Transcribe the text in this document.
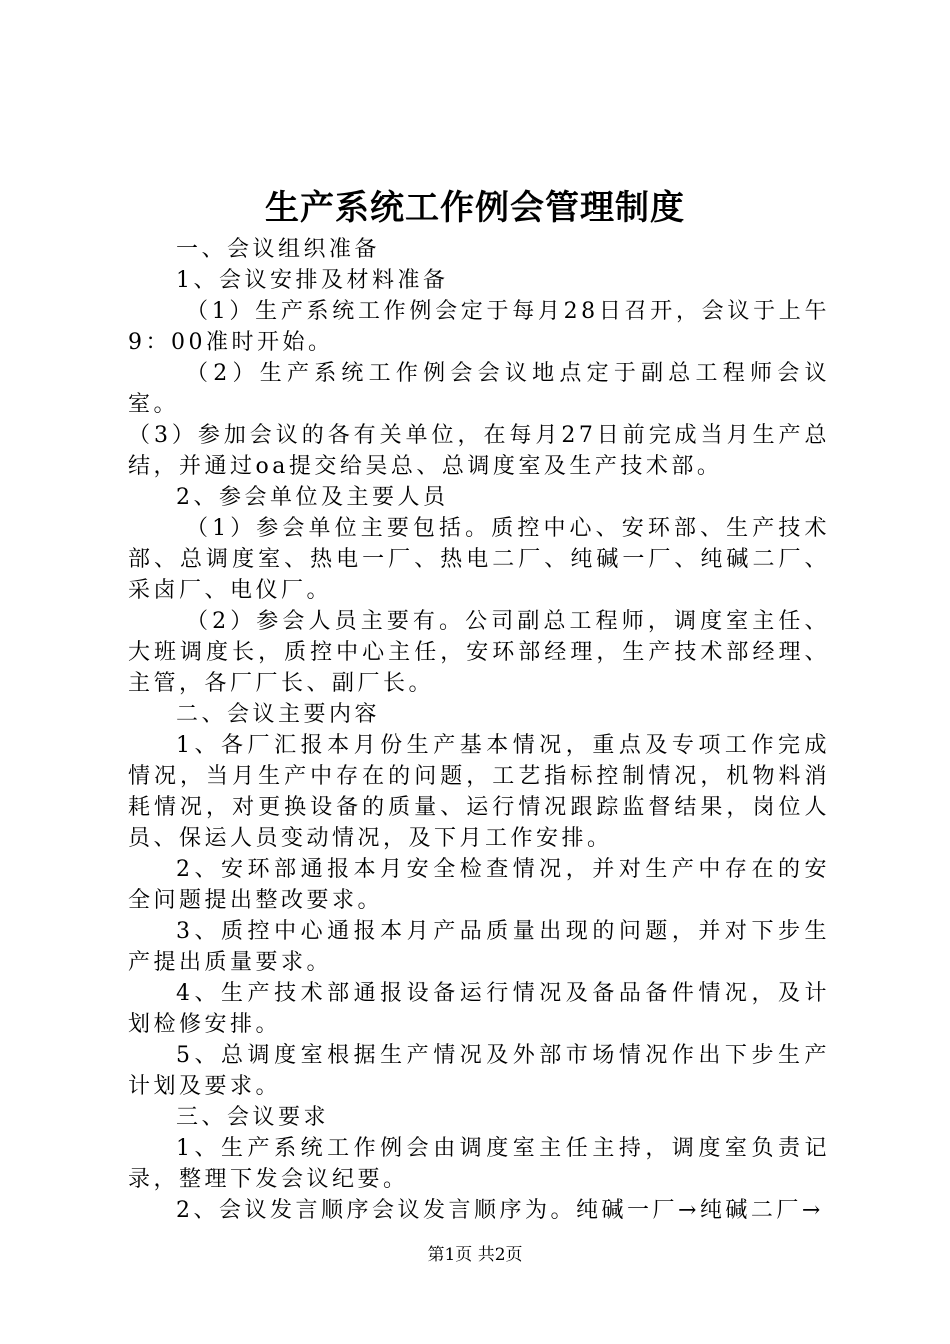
生产系统工作例会管理制度

一、会议组织准备

1、会议安排及材料准备

（1）生产系统工作例会定于每月28日召开，会议于上午9：00准时开始。

（2）生产系统工作例会会议地点定于副总工程师会议室。

（3）参加会议的各有关单位，在每月27日前完成当月生产总结，并通过oa提交给吴总、总调度室及生产技术部。

2、参会单位及主要人员

（1）参会单位主要包括。质控中心、安环部、生产技术部、总调度室、热电一厂、热电二厂、纯碱一厂、纯碱二厂、采卤厂、电仪厂。

（2）参会人员主要有。公司副总工程师，调度室主任、大班调度长，质控中心主任，安环部经理，生产技术部经理、主管，各厂厂长、副厂长。

二、会议主要内容

1、各厂汇报本月份生产基本情况，重点及专项工作完成情况，当月生产中存在的问题，工艺指标控制情况，机物料消耗情况，对更换设备的质量、运行情况跟踪监督结果，岗位人员、保运人员变动情况，及下月工作安排。

2、安环部通报本月安全检查情况，并对生产中存在的安全问题提出整改要求。

3、质控中心通报本月产品质量出现的问题，并对下步生产提出质量要求。

4、生产技术部通报设备运行情况及备品备件情况，及计划检修安排。

5、总调度室根据生产情况及外部市场情况作出下步生产计划及要求。

三、会议要求

1、生产系统工作例会由调度室主任主持，调度室负责记录，整理下发会议纪要。

2、会议发言顺序会议发言顺序为。纯碱一厂→纯碱二厂→

第1页 共2页
